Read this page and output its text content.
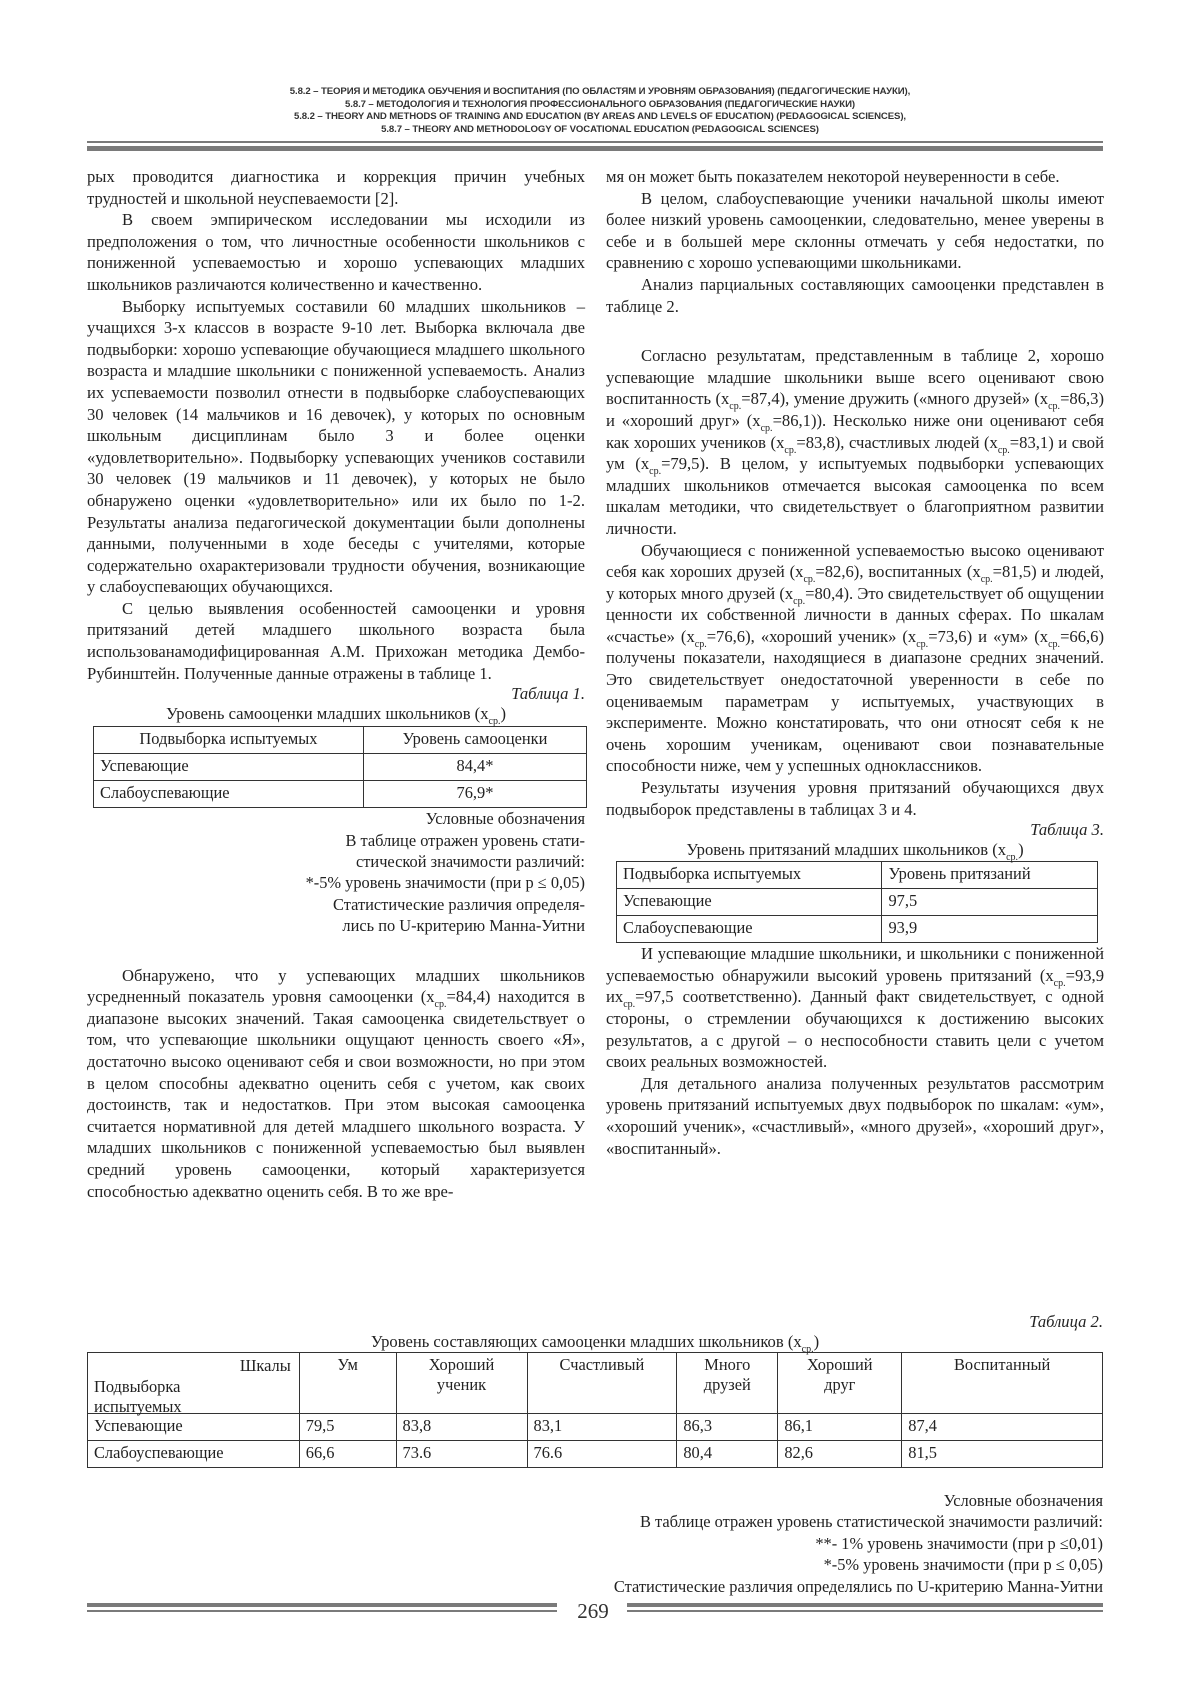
5.8.2 – ТЕОРИЯ И МЕТОДИКА ОБУЧЕНИЯ И ВОСПИТАНИЯ (ПО ОБЛАСТЯМ И УРОВНЯМ ОБРАЗОВАНИЯ) (ПЕДАГОГИЧЕСКИЕ НАУКИ),
5.8.7 – МЕТОДОЛОГИЯ И ТЕХНОЛОГИЯ ПРОФЕССИОНАЛЬНОГО ОБРАЗОВАНИЯ (ПЕДАГОГИЧЕСКИЕ НАУКИ)
5.8.2 – THEORY AND METHODS OF TRAINING AND EDUCATION (BY AREAS AND LEVELS OF EDUCATION) (PEDAGOGICAL SCIENCES),
5.8.7 – THEORY AND METHODOLOGY OF VOCATIONAL EDUCATION (PEDAGOGICAL SCIENCES)

рых проводится диагностика и коррекция причин учебных трудностей и школьной неуспеваемости [2].

В своем эмпирическом исследовании мы исходили из предположения о том, что личностные особенности школьников с пониженной успеваемостью и хорошо успевающих младших школьников различаются количественно и качественно.

Выборку испытуемых составили 60 младших школьников – учащихся 3-х классов в возрасте 9-10 лет. Выборка включала две подвыборки: хорошо успевающие обучающиеся младшего школьного возраста и младшие школьники с пониженной успеваемость. Анализ их успеваемости позволил отнести в подвыборке слабоуспевающих 30 человек (14 мальчиков и 16 девочек), у которых по основным школьным дисциплинам было 3 и более оценки «удовлетворительно». Подвыборку успевающих учеников составили 30 человек (19 мальчиков и 11 девочек), у которых не было обнаружено оценки «удовлетворительно» или их было по 1-2. Результаты анализа педагогической документации были дополнены данными, полученными в ходе беседы с учителями, которые содержательно охарактеризовали трудности обучения, возникающие у слабоуспевающих обучающихся.

С целью выявления особенностей самооценки и уровня притязаний детей младшего школьного возраста была использованамодифицированная А.М. Прихожан методика Дембо-Рубинштейн. Полученные данные отражены в таблице 1.

Таблица 1.
Уровень самооценки младших школьников $(x_{ср.})$
Подвыборка испытуемых	Уровень самооценки
Успевающие	84,4*
Слабоуспевающие	76,9*
Условные обозначения
В таблице отражен уровень стати-
стической значимости различий:
*-5% уровень значимости (при p ≤ 0,05)
Статистические различия определя-
лись по U-критерию Манна-Уитни

Обнаружено, что у успевающих младших школьников усредненный показатель уровня самооценки $(x_{ср.}=84,4)$ находится в диапазоне высоких значений. Такая самооценка свидетельствует о том, что успевающие школьники ощущают ценность своего «Я», достаточно высоко оценивают себя и свои возможности, но при этом в целом способны адекватно оценить себя с учетом, как своих достоинств, так и недостатков. При этом высокая самооценка считается нормативной для детей младшего школьного возраста. У младших школьников с пониженной успеваемостью был выявлен средний уровень самооценки, который характеризуется способностью адекватно оценить себя. В то же вре-

мя он может быть показателем некоторой неуверенности в себе.

В целом, слабоуспевающие ученики начальной школы имеют более низкий уровень самооценкии, следовательно, менее уверены в себе и в большей мере склонны отмечать у себя недостатки, по сравнению с хорошо успевающими школьниками.

Анализ парциальных составляющих самооценки представлен в таблице 2.

Согласно результатам, представленным в таблице 2, хорошо успевающие младшие школьники выше всего оценивают свою воспитанность $(x_{ср.}=87,4)$, умение дружить («много друзей» $(x_{ср.}=86,3)$ и «хороший друг» $(x_{ср.}=86,1)$). Несколько ниже они оценивают себя как хороших учеников $(x_{ср.}=83,8)$, счастливых людей $(x_{ср.}=83,1)$ и свой ум $(x_{ср.}=79,5)$. В целом, у испытуемых подвыборки успевающих младших школьников отмечается высокая самооценка по всем шкалам методики, что свидетельствует о благоприятном развитии личности.

Обучающиеся с пониженной успеваемостью высоко оценивают себя как хороших друзей $(x_{ср.}=82,6)$, воспитанных $(x_{ср.}=81,5)$ и людей, у которых много друзей $(x_{ср.}=80,4)$. Это свидетельствует об ощущении ценности их собственной личности в данных сферах. По шкалам «счастье» $(x_{ср.}=76,6)$, «хороший ученик» $(x_{ср.}=73,6)$ и «ум» $(x_{ср.}=66,6)$ получены показатели, находящиеся в диапазоне средних значений. Это свидетельствует онедостаточной уверенности в себе по оцениваемым параметрам у испытуемых, участвующих в эксперименте. Можно констатировать, что они относят себя к не очень хорошим ученикам, оценивают свои познавательные способности ниже, чем у успешных одноклассников.

Результаты изучения уровня притязаний обучающихся двух подвыборок представлены в таблицах 3 и 4.

Таблица 3.
Уровень притязаний младших школьников $(x_{ср.})$
Подвыборка испытуемых	Уровень притязаний
Успевающие	97,5
Слабоуспевающие	93,9

И успевающие младшие школьники, и школьники с пониженной успеваемостью обнаружили высокий уровень притязаний ($x_{ср.}=93,9$ $иx_{ср.}=97,5$ соответственно). Данный факт свидетельствует, с одной стороны, о стремлении обучающихся к достижению высоких результатов, а с другой – о неспособности ставить цели с учетом своих реальных возможностей.

Для детального анализа полученных результатов рассмотрим уровень притязаний испытуемых двух подвыборок по шкалам: «ум», «хороший ученик», «счастливый», «много друзей», «хороший друг», «воспитанный».

Таблица 2.
Уровень составляющих самооценки младших школьников $(x_{ср.})$
Шкалы
Подвыборка испытуемых	Ум	Хороший ученик	Счастливый	Много друзей	Хороший друг	Воспитанный
Успевающие	79,5	83,8	83,1	86,3	86,1	87,4
Слабоуспевающие	66,6	73.6	76.6	80,4	82,6	81,5
Условные обозначения
В таблице отражен уровень статистической значимости различий:
**- 1% уровень значимости (при p ≤0,01)
*-5% уровень значимости (при p ≤ 0,05)
Статистические различия определялись по U-критерию Манна-Уитни
269
